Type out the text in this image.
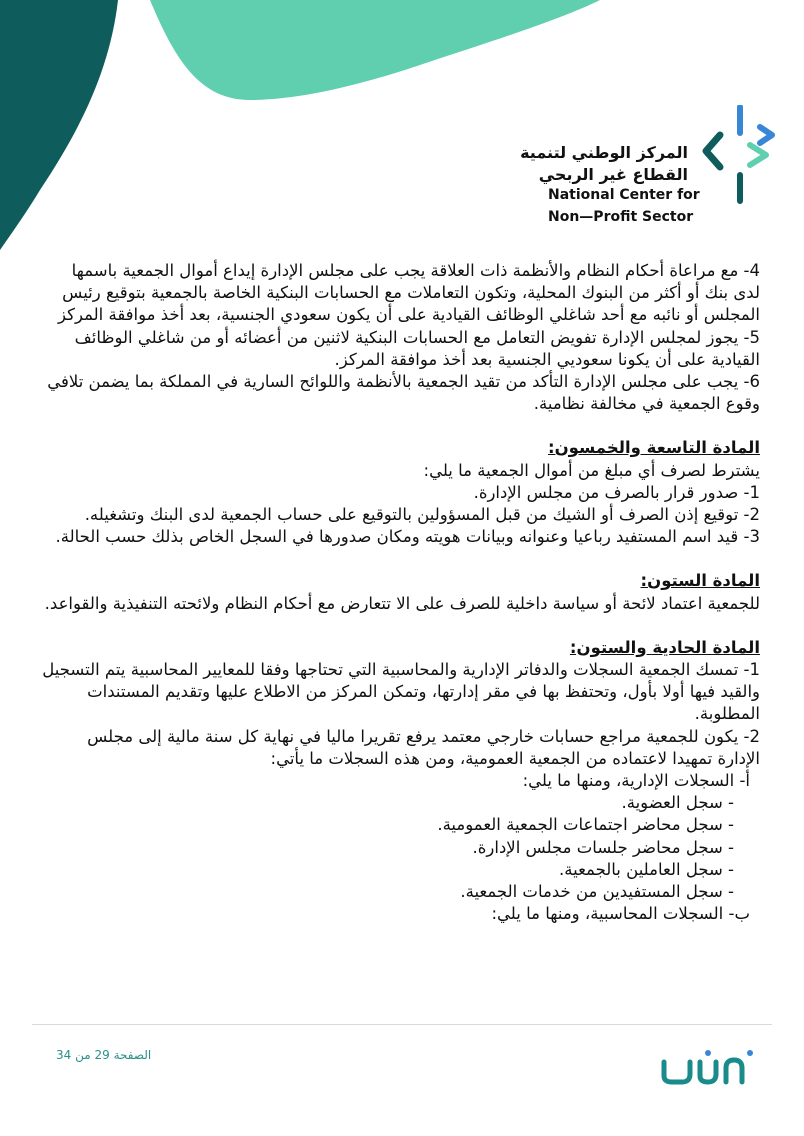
المركز الوطني لتنمية
القطاع غير الربحي
National Center for
Non—Profit Sector

4- مع مراعاة أحكام النظام والأنظمة ذات العلاقة يجب على مجلس الإدارة إيداع أموال الجمعية باسمها لدى بنك أو أكثر من البنوك المحلية، وتكون التعاملات مع الحسابات البنكية الخاصة بالجمعية بتوقيع رئيس المجلس أو نائبه مع أحد شاغلي الوظائف القيادية على أن يكون سعودي الجنسية، بعد أخذ موافقة المركز

5- يجوز لمجلس الإدارة تفويض التعامل مع الحسابات البنكية لاثنين من أعضائه أو من شاغلي الوظائف القيادية على أن يكونا سعوديي الجنسية بعد أخذ موافقة المركز.

6- يجب على مجلس الإدارة التأكد من تقيد الجمعية بالأنظمة واللوائح السارية في المملكة بما يضمن تلافي وقوع الجمعية في مخالفة نظامية.

المادة التاسعة والخمسون:

يشترط لصرف أي مبلغ من أموال الجمعية ما يلي:

1- صدور قرار بالصرف من مجلس الإدارة.

2- توقيع إذن الصرف أو الشيك من قبل المسؤولين بالتوقيع على حساب الجمعية لدى البنك وتشغيله.

3- قيد اسم المستفيد رباعيا وعنوانه وبيانات هويته ومكان صدورها في السجل الخاص بذلك حسب الحالة.

المادة الستون:

للجمعية اعتماد لائحة أو سياسة داخلية للصرف على الا تتعارض مع أحكام النظام ولائحته التنفيذية والقواعد.

المادة الحادية والستون:

1- تمسك الجمعية السجلات والدفاتر الإدارية والمحاسبية التي تحتاجها وفقا للمعايير المحاسبية يتم التسجيل والقيد فيها أولا بأول، وتحتفظ بها في مقر إدارتها، وتمكن المركز من الاطلاع عليها وتقديم المستندات المطلوبة.

2- يكون للجمعية مراجع حسابات خارجي معتمد يرفع تقريرا ماليا في نهاية كل سنة مالية إلى مجلس الإدارة تمهيدا لاعتماده من الجمعية العمومية، ومن هذه السجلات ما يأتي:

أ- السجلات الإدارية، ومنها ما يلي:

- سجل العضوية.

- سجل محاضر اجتماعات الجمعية العمومية.

- سجل محاضر جلسات مجلس الإدارة.

- سجل العاملين بالجمعية.

- سجل المستفيدين من خدمات الجمعية.

ب- السجلات المحاسبية، ومنها ما يلي:

الصفحة 29 من 34
